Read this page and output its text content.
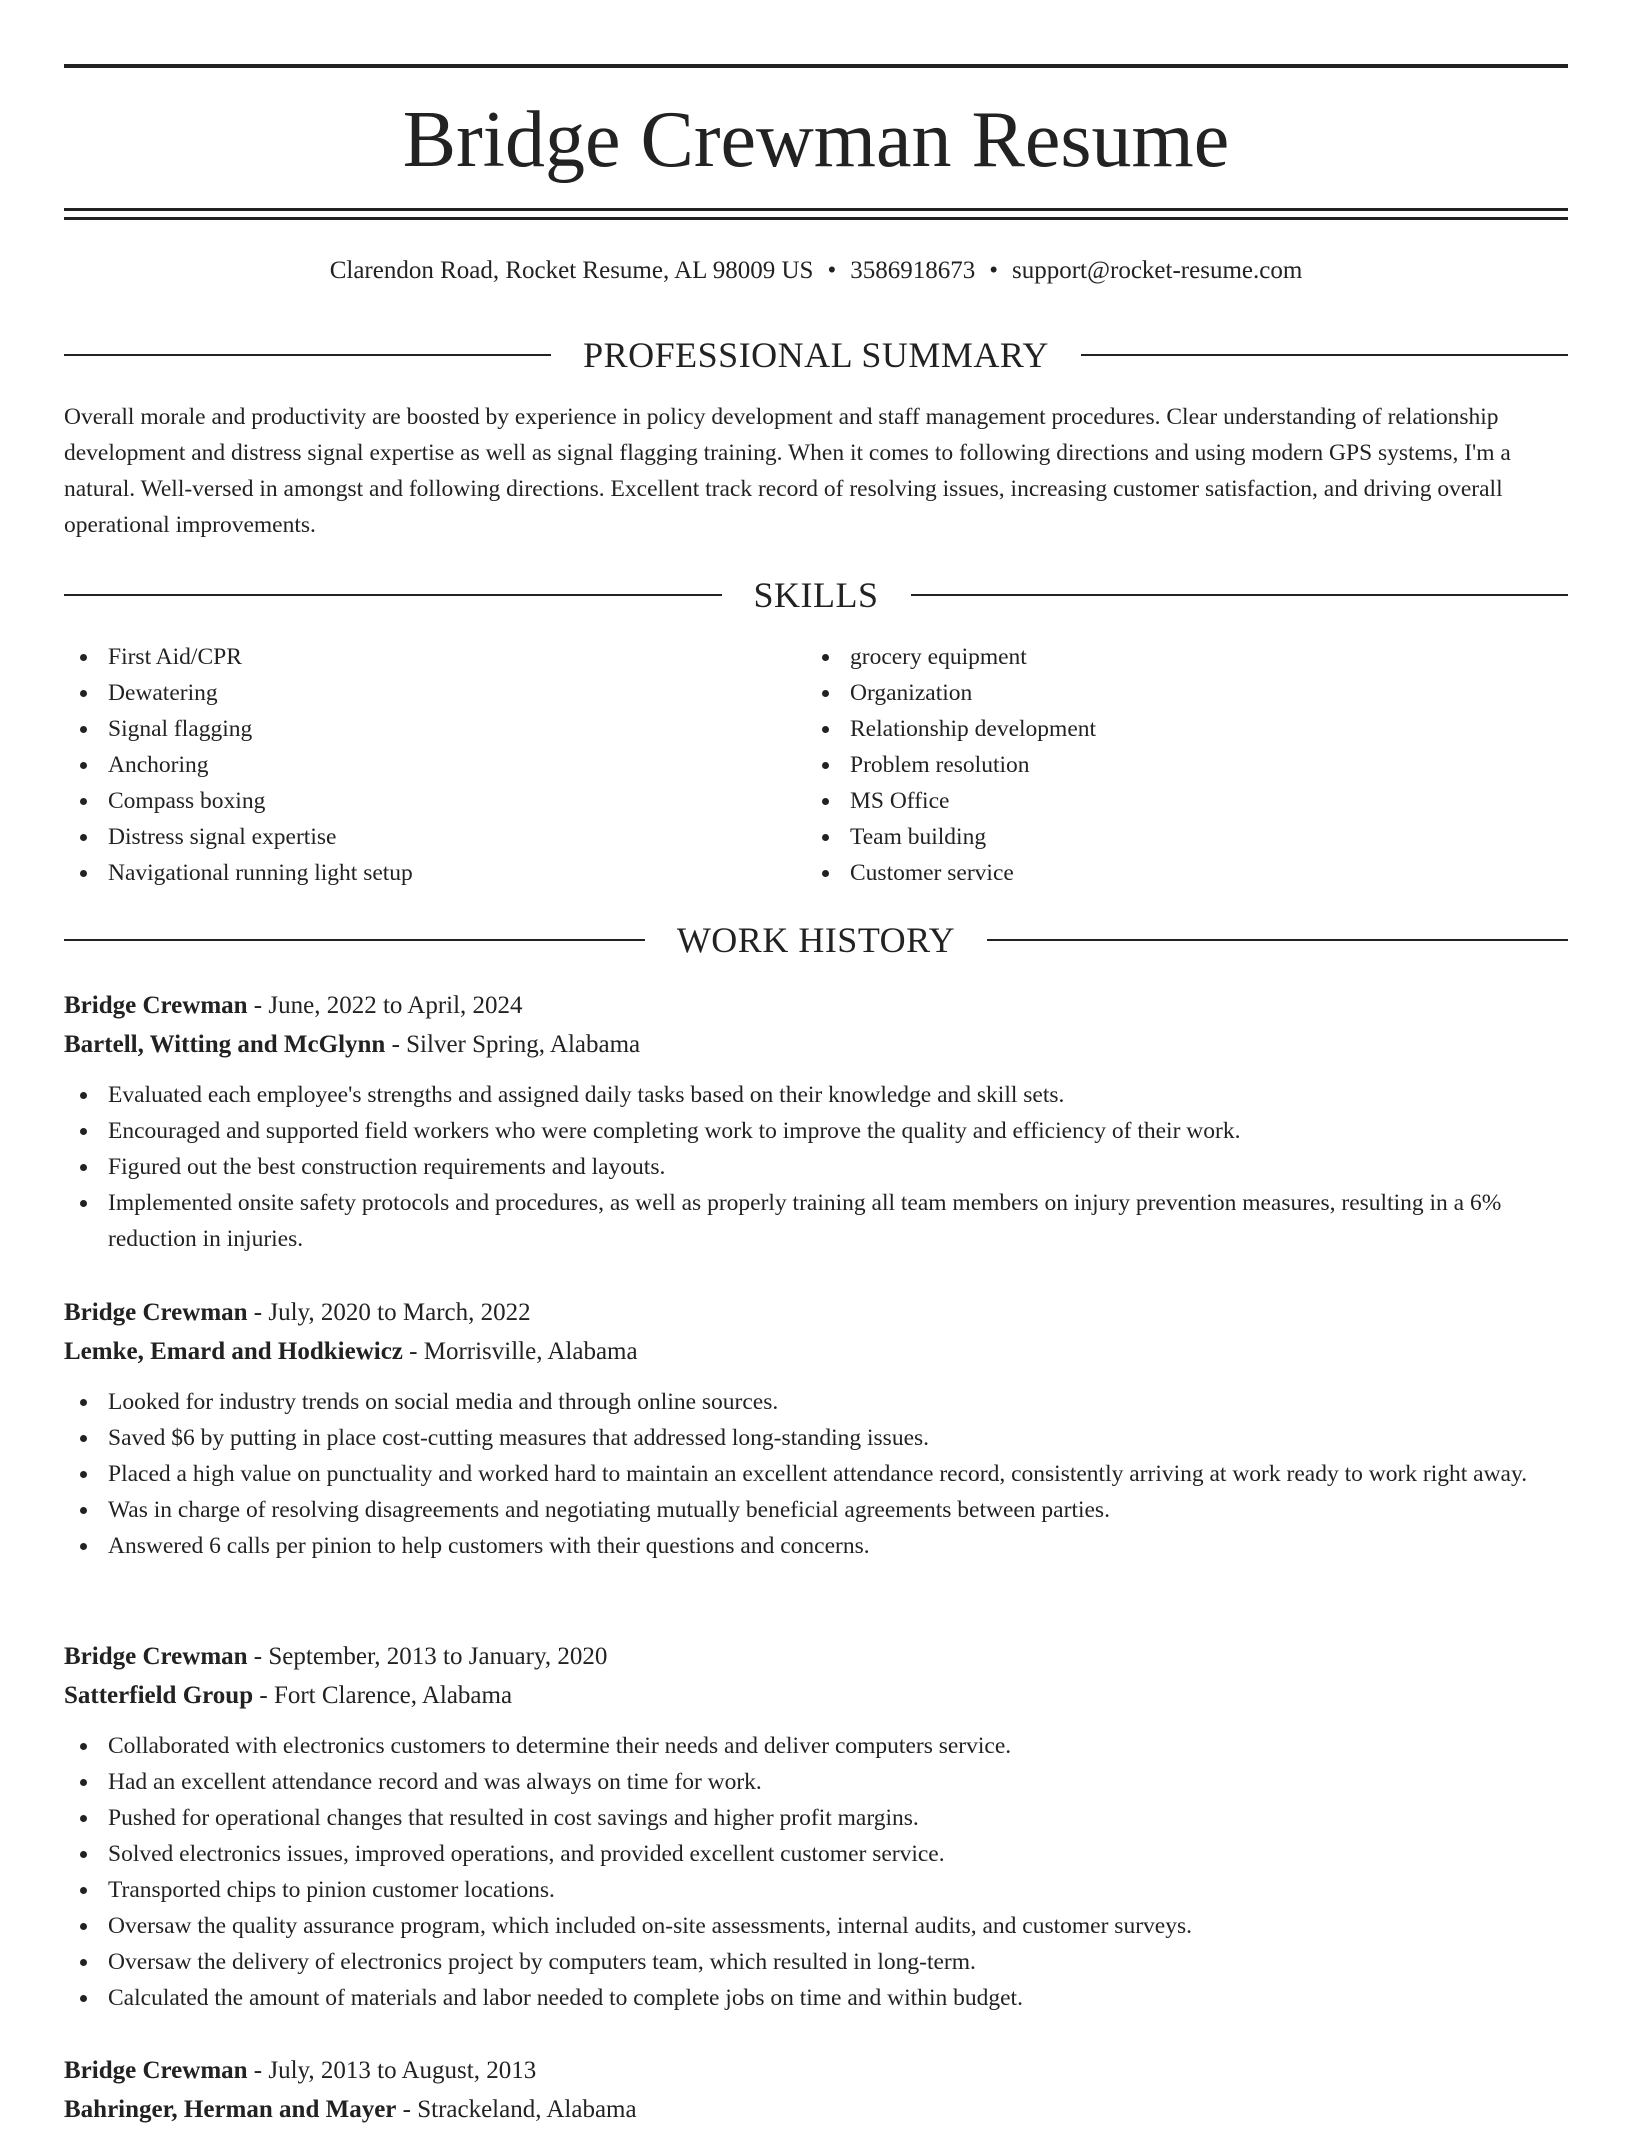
Bridge Crewman Resume
Clarendon Road, Rocket Resume, AL 98009 US • 3586918673 • support@rocket-resume.com
PROFESSIONAL SUMMARY

Overall morale and productivity are boosted by experience in policy development and staff management procedures. Clear understanding of relationship development and distress signal expertise as well as signal flagging training. When it comes to following directions and using modern GPS systems, I'm a natural. Well-versed in amongst and following directions. Excellent track record of resolving issues, increasing customer satisfaction, and driving overall operational improvements.

SKILLS
First Aid/CPR
Dewatering
Signal flagging
Anchoring
Compass boxing
Distress signal expertise
Navigational running light setup
grocery equipment
Organization
Relationship development
Problem resolution
MS Office
Team building
Customer service
WORK HISTORY
Bridge Crewman - June, 2022 to April, 2024
Bartell, Witting and McGlynn - Silver Spring, Alabama
Evaluated each employee's strengths and assigned daily tasks based on their knowledge and skill sets.
Encouraged and supported field workers who were completing work to improve the quality and efficiency of their work.
Figured out the best construction requirements and layouts.
Implemented onsite safety protocols and procedures, as well as properly training all team members on injury prevention measures, resulting in a 6% reduction in injuries.
Bridge Crewman - July, 2020 to March, 2022
Lemke, Emard and Hodkiewicz - Morrisville, Alabama
Looked for industry trends on social media and through online sources.
Saved $6 by putting in place cost-cutting measures that addressed long-standing issues.
Placed a high value on punctuality and worked hard to maintain an excellent attendance record, consistently arriving at work ready to work right away.
Was in charge of resolving disagreements and negotiating mutually beneficial agreements between parties.
Answered 6 calls per pinion to help customers with their questions and concerns.
Bridge Crewman - September, 2013 to January, 2020
Satterfield Group - Fort Clarence, Alabama
Collaborated with electronics customers to determine their needs and deliver computers service.
Had an excellent attendance record and was always on time for work.
Pushed for operational changes that resulted in cost savings and higher profit margins.
Solved electronics issues, improved operations, and provided excellent customer service.
Transported chips to pinion customer locations.
Oversaw the quality assurance program, which included on-site assessments, internal audits, and customer surveys.
Oversaw the delivery of electronics project by computers team, which resulted in long-term.
Calculated the amount of materials and labor needed to complete jobs on time and within budget.
Bridge Crewman - July, 2013 to August, 2013
Bahringer, Herman and Mayer - Strackeland, Alabama
